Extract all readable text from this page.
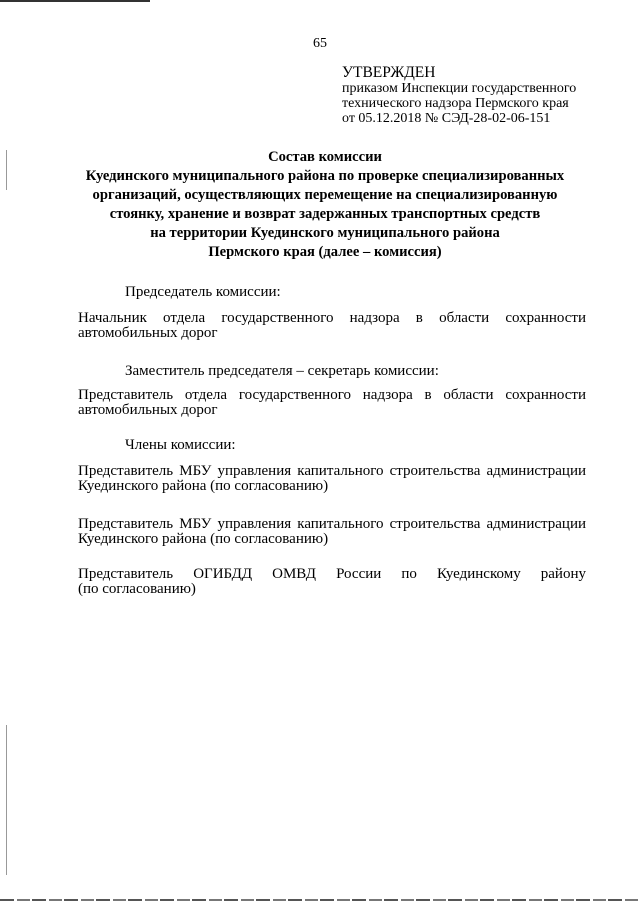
65
УТВЕРЖДЕН
приказом Инспекции государственного
технического надзора Пермского края
от 05.12.2018 № СЭД-28-02-06-151
Состав комиссии
Куединского муниципального района по проверке специализированных
организаций, осуществляющих перемещение на специализированную
стоянку, хранение и возврат задержанных транспортных средств
на территории Куединского муниципального района
Пермского края (далее – комиссия)
Председатель комиссии:
Начальник отдела государственного надзора в области сохранности
автомобильных дорог
Заместитель председателя – секретарь комиссии:
Представитель отдела государственного надзора в области сохранности
автомобильных дорог
Члены комиссии:
Представитель МБУ управления капитального строительства администрации
Куединского района (по согласованию)
Представитель МБУ управления капитального строительства администрации
Куединского района (по согласованию)
Представитель ОГИБДД ОМВД России по Куединскому району
(по согласованию)
